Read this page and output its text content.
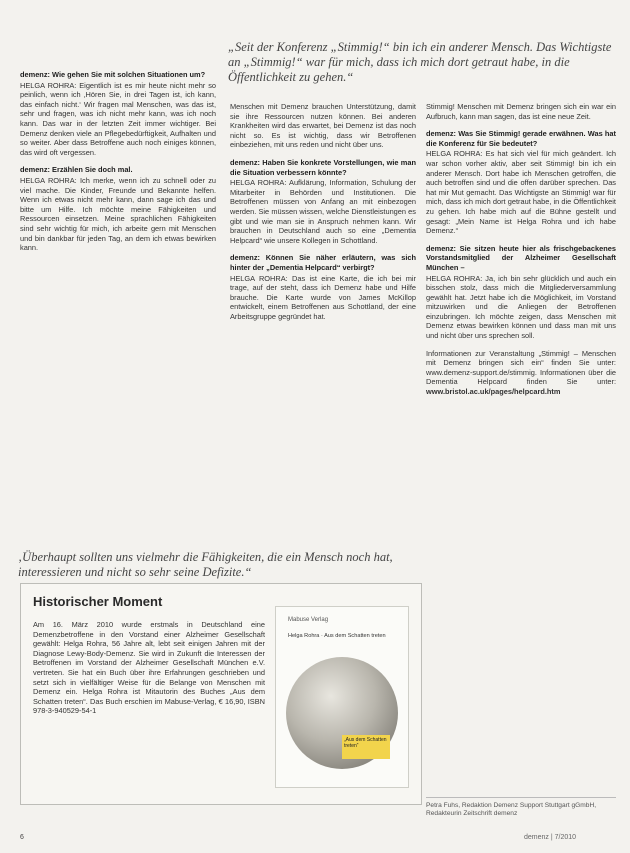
„Seit der Konferenz „Stimmig!“ bin ich ein anderer Mensch. Das Wichtigste an „Stimmig!“ war für mich, dass ich mich dort getraut habe, in die Öffentlichkeit zu gehen.“

demenz: Wie gehen Sie mit solchen Situationen um?

HELGA ROHRA: Eigentlich ist es mir heute nicht mehr so peinlich, wenn ich ‚Hören Sie, in drei Tagen ist, ich kann, das einfach nicht.‘ Wir fragen mal Menschen, was das ist, sehr und fragen, was ich nicht mehr kann, was ich noch kann. Das war in der letzten Zeit immer wichtiger. Bei Demenz denken viele an Pflegebedürftigkeit, Aufhalten und so weiter. Aber dass Betroffene auch noch einiges können, das wird oft vergessen.

demenz: Erzählen Sie doch mal.

HELGA ROHRA: Ich merke, wenn ich zu schnell oder zu viel mache. Die Kinder, Freunde und Bekannte helfen. Wenn ich etwas nicht mehr kann, dann sage ich das und bitte um Hilfe. Ich möchte meine Fähigkeiten und Ressourcen einsetzen. Meine sprachlichen Fähigkeiten sind sehr wichtig für mich, ich arbeite gern mit Menschen und bin dankbar für jeden Tag, an dem ich etwas bewirken kann.

Menschen mit Demenz brauchen Unterstützung, damit sie ihre Ressourcen nutzen können. Bei anderen Krankheiten wird das erwartet, bei Demenz ist das noch nicht so. Es ist wichtig, dass wir Betroffenen einbeziehen, mit uns reden und nicht über uns.

demenz: Haben Sie konkrete Vorstellungen, wie man die Situation verbessern könnte?

HELGA ROHRA: Aufklärung, Information, Schulung der Mitarbeiter in Behörden und Institutionen. Die Betroffenen müssen von Anfang an mit einbezogen werden. Sie müssen wissen, welche Dienstleistungen es gibt und wie man sie in Anspruch nehmen kann. Wir brauchen in Deutschland auch so eine „Dementia Helpcard“ wie unsere Kollegen in Schottland.

demenz: Können Sie näher erläutern, was sich hinter der „Dementia Helpcard“ verbirgt?

HELGA ROHRA: Das ist eine Karte, die ich bei mir trage, auf der steht, dass ich Demenz habe und Hilfe brauche. Die Karte wurde von James McKillop entwickelt, einem Betroffenen aus Schottland, der eine Arbeitsgruppe gegründet hat.

Stimmig! Menschen mit Demenz bringen sich ein war ein Aufbruch, kann man sagen, das ist eine neue Zeit.

demenz: Was Sie Stimmig! gerade erwähnen. Was hat die Konferenz für Sie bedeutet?

HELGA ROHRA: Es hat sich viel für mich geändert. Ich war schon vorher aktiv, aber seit Stimmig! bin ich ein anderer Mensch. Dort habe ich Menschen getroffen, die auch betroffen sind und die offen darüber sprechen. Das hat mir Mut gemacht. Das Wichtigste an Stimmig! war für mich, dass ich mich dort getraut habe, in die Öffentlichkeit zu gehen. Ich habe mich auf die Bühne gestellt und gesagt: „Mein Name ist Helga Rohra und ich habe Demenz.“

demenz: Sie sitzen heute hier als frischgebackenes Vorstandsmitglied der Alzheimer Gesellschaft München –

HELGA ROHRA: Ja, ich bin sehr glücklich und auch ein bisschen stolz, dass mich die Mitgliederversammlung gewählt hat. Jetzt habe ich die Möglichkeit, im Vorstand mitzuwirken und die Anliegen der Betroffenen einzubringen. Ich möchte zeigen, dass Menschen mit Demenz etwas bewirken können und dass man mit uns und nicht über uns sprechen soll.

Informationen zur Veranstaltung „Stimmig! – Menschen mit Demenz bringen sich ein“ finden Sie unter: www.demenz-support.de/stimmig. Informationen über die Dementia Helpcard finden Sie unter: www.bristol.ac.uk/pages/helpcard.htm

‚Überhaupt sollten uns vielmehr die Fähigkeiten, die ein Mensch noch hat, interessieren und nicht so sehr seine Defizite.“
Historischer Moment
Am 16. März 2010 wurde erstmals in Deutschland eine Demenzbetroffene in den Vorstand einer Alzheimer Gesellschaft gewählt: Helga Rohra, 56 Jahre alt, lebt seit einigen Jahren mit der Diagnose Lewy-Body-Demenz. Sie wird in Zukunft die Interessen der Betroffenen im Vorstand der Alzheimer Gesellschaft München e.V. vertreten. Sie hat ein Buch über ihre Erfahrungen geschrieben und setzt sich in vielfältiger Weise für die Belange von Menschen mit Demenz ein. Helga Rohra ist Mitautorin des Buches „Aus dem Schatten treten“. Das Buch erschien im Mabuse-Verlag, € 16,90, ISBN 978-3-940529-54-1
Mabuse Verlag
Helga Rohra · Aus dem Schatten treten
„Aus dem Schatten treten“
Petra Fuhs, Redaktion Demenz Support Stuttgart gGmbH, Redakteurin Zeitschrift demenz
6	demenz | 7/2010
